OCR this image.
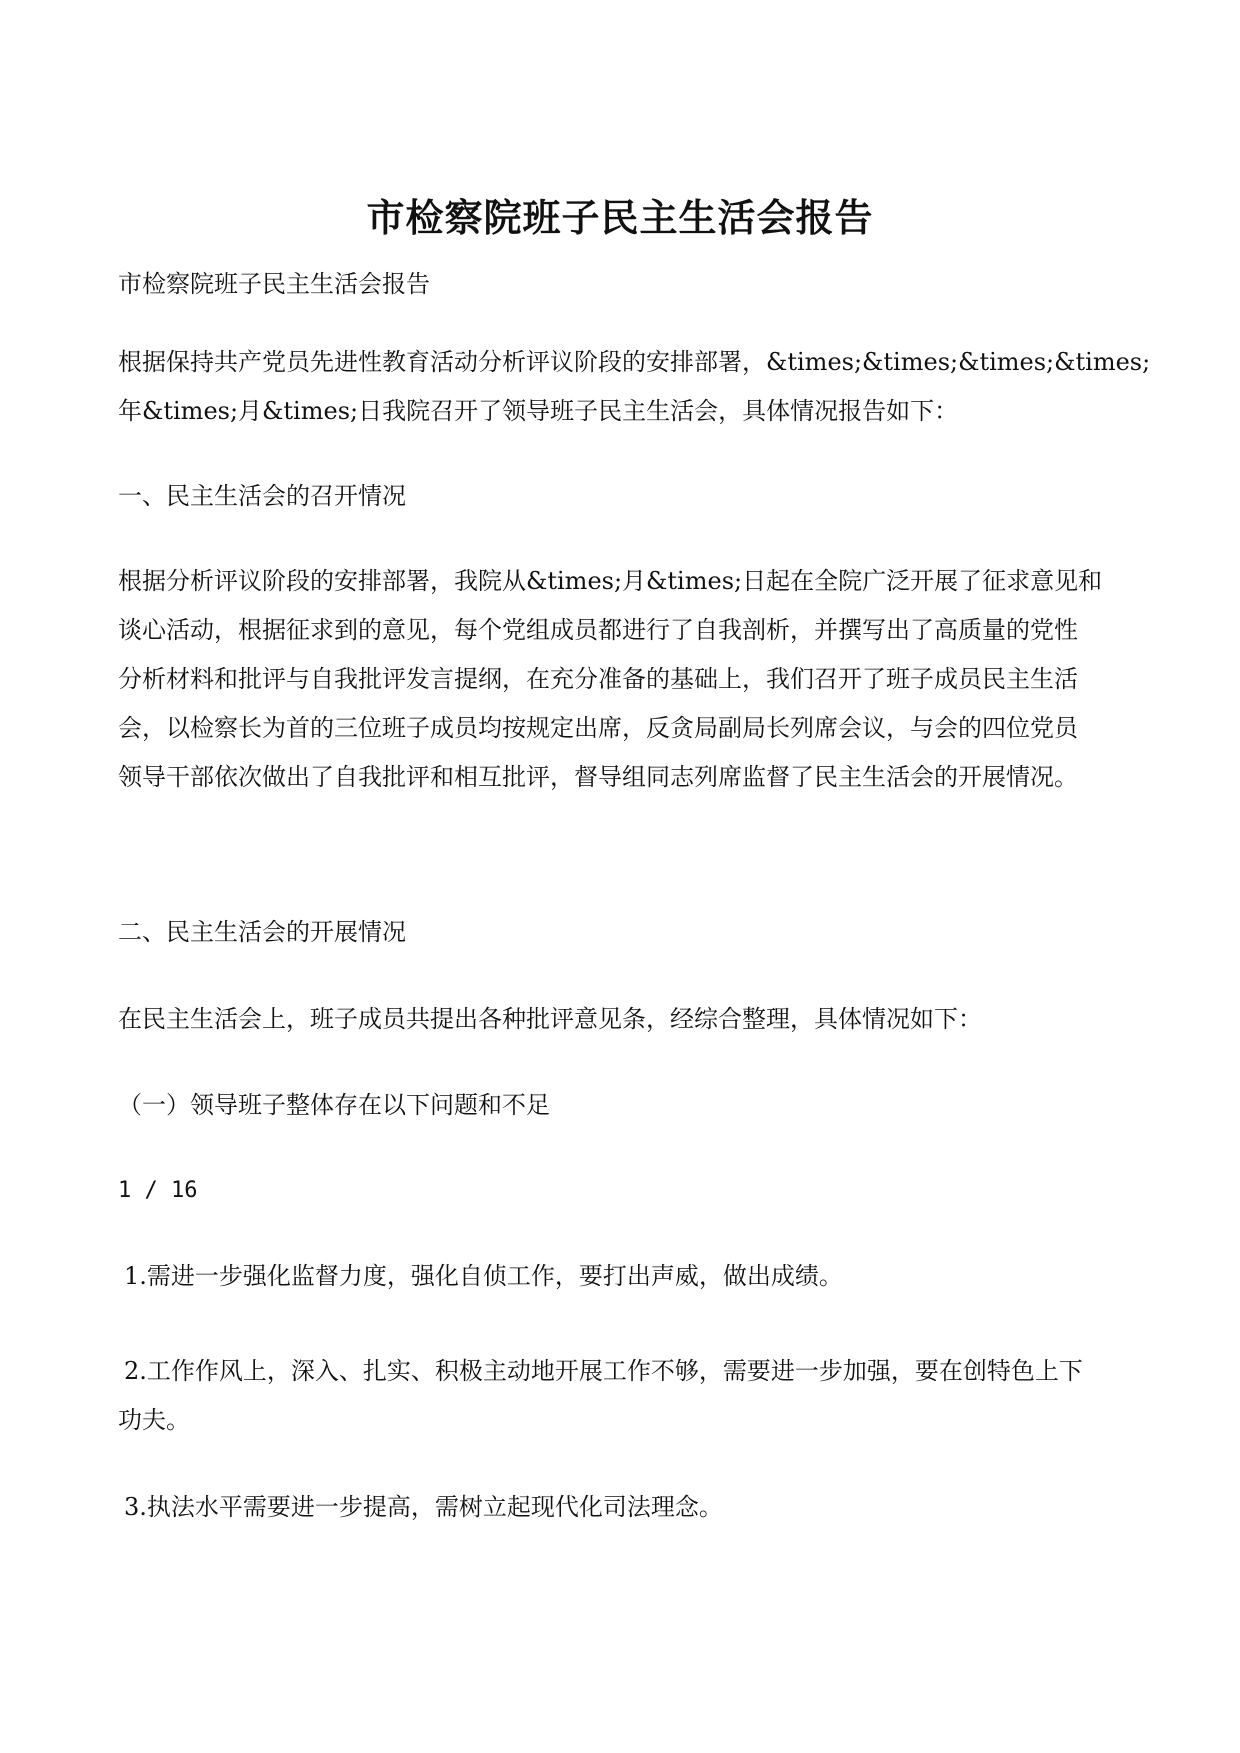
市检察院班子民主生活会报告
市检察院班子民主生活会报告
根据保持共产党员先进性教育活动分析评议阶段的安排部署，&times;&times;&times;&times;
年&times;月&times;日我院召开了领导班子民主生活会，具体情况报告如下：
一、民主生活会的召开情况
根据分析评议阶段的安排部署，我院从&times;月&times;日起在全院广泛开展了征求意见和
谈心活动，根据征求到的意见，每个党组成员都进行了自我剖析，并撰写出了高质量的党性
分析材料和批评与自我批评发言提纲，在充分准备的基础上，我们召开了班子成员民主生活
会，以检察长为首的三位班子成员均按规定出席，反贪局副局长列席会议，与会的四位党员
领导干部依次做出了自我批评和相互批评，督导组同志列席监督了民主生活会的开展情况。
二、民主生活会的开展情况
在民主生活会上，班子成员共提出各种批评意见条，经综合整理，具体情况如下：
（一）领导班子整体存在以下问题和不足
1 / 16
1.需进一步强化监督力度，强化自侦工作，要打出声威，做出成绩。
2.工作作风上，深入、扎实、积极主动地开展工作不够，需要进一步加强，要在创特色上下
功夫。
3.执法水平需要进一步提高，需树立起现代化司法理念。
